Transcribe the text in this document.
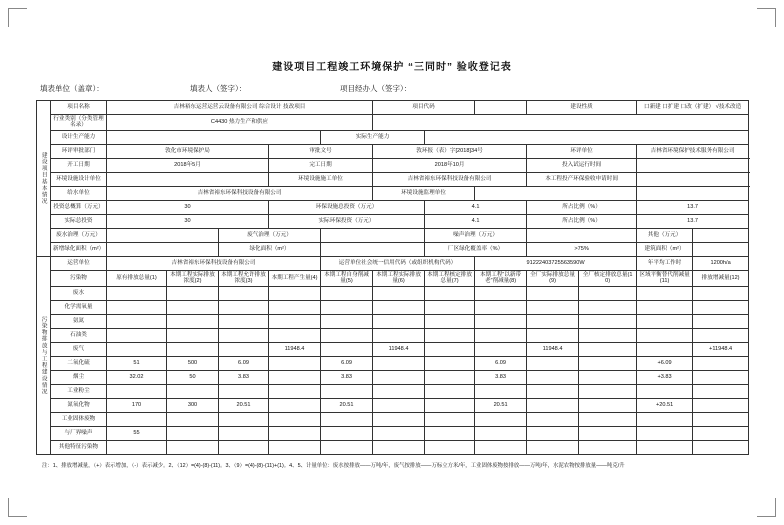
建设项目工程竣工环境保护 “三同时” 验收登记表
填表单位（盖章）：	填表人（签字）：	项目经办人（签字）：
建设项目基本情况	项目名称	吉林裕东运营运营云设备有限公司 综合设计 技改项目					项目代码			建设性质		口新建 口扩建 口改（扩建） √技术改造	
	行业类别（分类管理名录）	C4430 热力生产和供应											
	设计生产能力					实际生产能力							
	环评审批部门	敦化市环境保护局			审批文号		敦环报（表）字[2018]34号			环评单位		吉林省环境保护技术服务有限公司	
	开工日期	2018年5月			完工日期		2018年10月			投入试运行时间			
	环境设施设计单位				环境设施施工单位		吉林省裕东环保科技设备有限公司			本工程投产环保验收申请时间			
	给水单位	吉林省裕东环保科技设备有限公司					环境设施监理单位						
	投资总概算（万元）	30			环保设施总投资（万元）			4.1		所占比例（%）		13.7	
	实际总投资	30			实际环保投资（万元）			4.1		所占比例（%）		13.7	
	废水治理（万元）			废气治理（万元）				噪声治理（万元）				其他（万元）	
	新增绿化面积（m²）			绿化面积（m²）				厂区绿化覆盖率（%）		>75%		建筑面积（m²）	

污染物排放与工程建设情况	运营单位	吉林省裕东环保科技设备有限公司				运营单位社会统一信用代码（或组织机构代码）			91222403725563590W			年平均工作时	1200h/a
	污染物	原有排放总量(1)	本期工程实际排放浓度(2)	本期工程允许排放浓度(3)	本期工程产生量(4)	本期工程自身削减量(5)	本期工程实际排放量(6)	本期工程核定排放总量(7)	本期工程“以新带老”削减量(8)	全厂实际排放总量(9)	全厂核定排放总量(10)	区域平衡替代削减量(11)	排放增减量(12)
	废水												
	化学需氧量												
	氨氮												
	石油类												
	废气				11948.4		11948.4			11948.4			+11948.4
	二氧化硫	51	500	6.09		6.09			6.09			+6.09	
	烟尘	32.02	50	3.83		3.83			3.83			+3.83	
	工业粉尘												
	氮氧化物	170	300	20.51		20.51			20.51			+20.51	
	工业固体废物												
	与厂界噪声	55											
	其他特征污染物												
注：1、排放增减量，（+）表示增加，（-）表示减少。2、（12）=(4)-(8)-(11)。3、（9）=(4)-(8)-(11)+(1)。4、5、计量单位：废水按排放——万吨/年，废气按排放——万标立方米/年，工业固体废物按排放——万吨/年，水泥农物按排放量——吨克/升
